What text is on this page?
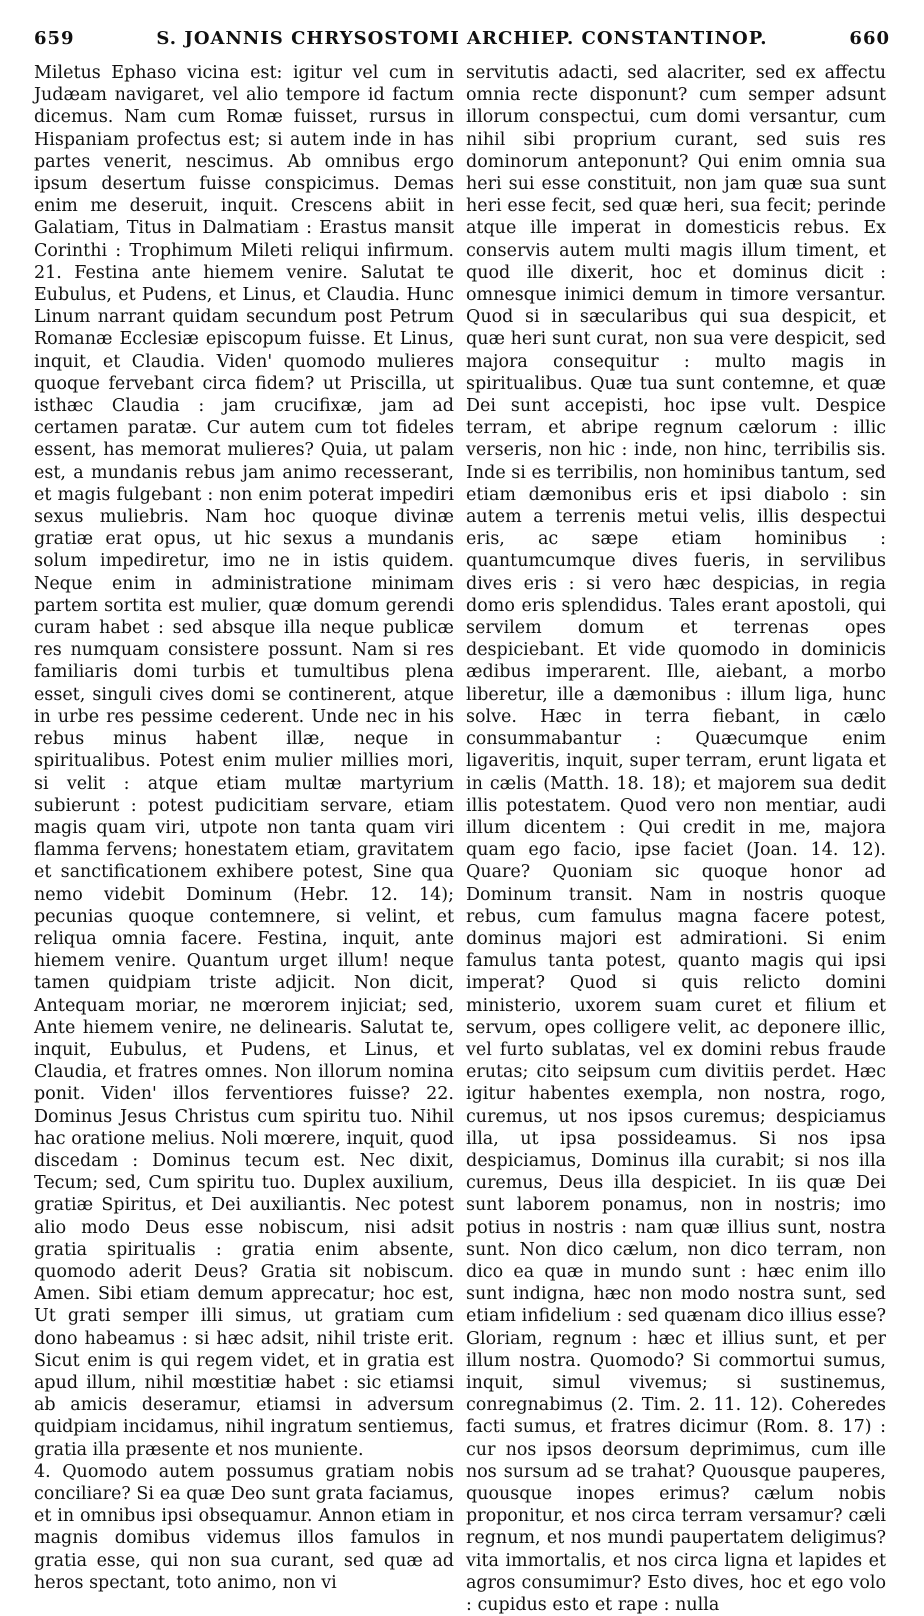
659	S. JOANNIS CHRYSOSTOMI ARCHIEP. CONSTANTINOP.	660

Miletus Ephaso vicina est: igitur vel cum in Judæam navigaret, vel alio tempore id factum dicemus. Nam cum Romæ fuisset, rursus in Hispaniam profectus est; si autem inde in has partes venerit, nescimus. Ab omnibus ergo ipsum desertum fuisse conspicimus. Demas enim me deseruit, inquit. Crescens abiit in Galatiam, Titus in Dalmatiam : Erastus mansit Corinthi : Trophimum Mileti reliqui infirmum. 21. Festina ante hiemem venire. Salutat te Eubulus, et Pudens, et Linus, et Claudia. Hunc Linum narrant quidam secundum post Petrum Romanæ Ecclesiæ episcopum fuisse. Et Linus, inquit, et Claudia. Viden' quomodo mulieres quoque fervebant circa fidem? ut Priscilla, ut isthæc Claudia : jam crucifixæ, jam ad certamen paratæ. Cur autem cum tot fideles essent, has memorat mulieres? Quia, ut palam est, a mundanis rebus jam animo recesserant, et magis fulgebant : non enim poterat impediri sexus muliebris. Nam hoc quoque divinæ gratiæ erat opus, ut hic sexus a mundanis solum impediretur, imo ne in istis quidem. Neque enim in administratione minimam partem sortita est mulier, quæ domum gerendi curam habet : sed absque illa neque publicæ res numquam consistere possunt. Nam si res familiaris domi turbis et tumultibus plena esset, singuli cives domi se continerent, atque in urbe res pessime cederent. Unde nec in his rebus minus habent illæ, neque in spiritualibus. Potest enim mulier millies mori, si velit : atque etiam multæ martyrium subierunt : potest pudicitiam servare, etiam magis quam viri, utpote non tanta quam viri flamma fervens; honestatem etiam, gravitatem et sanctificationem exhibere potest, Sine qua nemo videbit Dominum (Hebr. 12. 14); pecunias quoque contemnere, si velint, et reliqua omnia facere. Festina, inquit, ante hiemem venire. Quantum urget illum! neque tamen quidpiam triste adjicit. Non dicit, Antequam moriar, ne mœrorem injiciat; sed, Ante hiemem venire, ne delinearis. Salutat te, inquit, Eubulus, et Pudens, et Linus, et Claudia, et fratres omnes. Non illorum nomina ponit. Viden' illos ferventiores fuisse? 22. Dominus Jesus Christus cum spiritu tuo. Nihil hac oratione melius. Noli mœrere, inquit, quod discedam : Dominus tecum est. Nec dixit, Tecum; sed, Cum spiritu tuo. Duplex auxilium, gratiæ Spiritus, et Dei auxiliantis. Nec potest alio modo Deus esse nobiscum, nisi adsit gratia spiritualis : gratia enim absente, quomodo aderit Deus? Gratia sit nobiscum. Amen. Sibi etiam demum apprecatur; hoc est, Ut grati semper illi simus, ut gratiam cum dono habeamus : si hæc adsit, nihil triste erit. Sicut enim is qui regem videt, et in gratia est apud illum, nihil mœstitiæ habet : sic etiamsi ab amicis deseramur, etiamsi in adversum quidpiam incidamus, nihil ingratum sentiemus, gratia illa præsente et nos muniente.

4. Quomodo autem possumus gratiam nobis conciliare? Si ea quæ Deo sunt grata faciamus, et in omnibus ipsi obsequamur. Annon etiam in magnis domibus videmus illos famulos in gratia esse, qui non sua curant, sed quæ ad heros spectant, toto animo, non vi

servitutis adacti, sed alacriter, sed ex affectu omnia recte disponunt? cum semper adsunt illorum conspectui, cum domi versantur, cum nihil sibi proprium curant, sed suis res dominorum anteponunt? Qui enim omnia sua heri sui esse constituit, non jam quæ sua sunt heri esse fecit, sed quæ heri, sua fecit; perinde atque ille imperat in domesticis rebus. Ex conservis autem multi magis illum timent, et quod ille dixerit, hoc et dominus dicit : omnesque inimici demum in timore versantur. Quod si in sæcularibus qui sua despicit, et quæ heri sunt curat, non sua vere despicit, sed majora consequitur : multo magis in spiritualibus. Quæ tua sunt contemne, et quæ Dei sunt accepisti, hoc ipse vult. Despice terram, et abripe regnum cælorum : illic verseris, non hic : inde, non hinc, terribilis sis. Inde si es terribilis, non hominibus tantum, sed etiam dæmonibus eris et ipsi diabolo : sin autem a terrenis metui velis, illis despectui eris, ac sæpe etiam hominibus : quantumcumque dives fueris, in servilibus dives eris : si vero hæc despicias, in regia domo eris splendidus. Tales erant apostoli, qui servilem domum et terrenas opes despiciebant. Et vide quomodo in dominicis ædibus imperarent. Ille, aiebant, a morbo liberetur, ille a dæmonibus : illum liga, hunc solve. Hæc in terra fiebant, in cælo consummabantur : Quæcumque enim ligaveritis, inquit, super terram, erunt ligata et in cælis (Matth. 18. 18); et majorem sua dedit illis potestatem. Quod vero non mentiar, audi illum dicentem : Qui credit in me, majora quam ego facio, ipse faciet (Joan. 14. 12). Quare? Quoniam sic quoque honor ad Dominum transit. Nam in nostris quoque rebus, cum famulus magna facere potest, dominus majori est admirationi. Si enim famulus tanta potest, quanto magis qui ipsi imperat? Quod si quis relicto domini ministerio, uxorem suam curet et filium et servum, opes colligere velit, ac deponere illic, vel furto sublatas, vel ex domini rebus fraude erutas; cito seipsum cum divitiis perdet. Hæc igitur habentes exempla, non nostra, rogo, curemus, ut nos ipsos curemus; despiciamus illa, ut ipsa possideamus. Si nos ipsa despiciamus, Dominus illa curabit; si nos illa curemus, Deus illa despiciet. In iis quæ Dei sunt laborem ponamus, non in nostris; imo potius in nostris : nam quæ illius sunt, nostra sunt. Non dico cælum, non dico terram, non dico ea quæ in mundo sunt : hæc enim illo sunt indigna, hæc non modo nostra sunt, sed etiam infidelium : sed quænam dico illius esse? Gloriam, regnum : hæc et illius sunt, et per illum nostra. Quomodo? Si commortui sumus, inquit, simul vivemus; si sustinemus, conregnabimus (2. Tim. 2. 11. 12). Coheredes facti sumus, et fratres dicimur (Rom. 8. 17) : cur nos ipsos deorsum deprimimus, cum ille nos sursum ad se trahat? Quousque pauperes, quousque inopes erimus? cælum nobis proponitur, et nos circa terram versamur? cæli regnum, et nos mundi paupertatem deligimus? vita immortalis, et nos circa ligna et lapides et agros consumimur? Esto dives, hoc et ego volo : cupidus esto et rape : nulla
